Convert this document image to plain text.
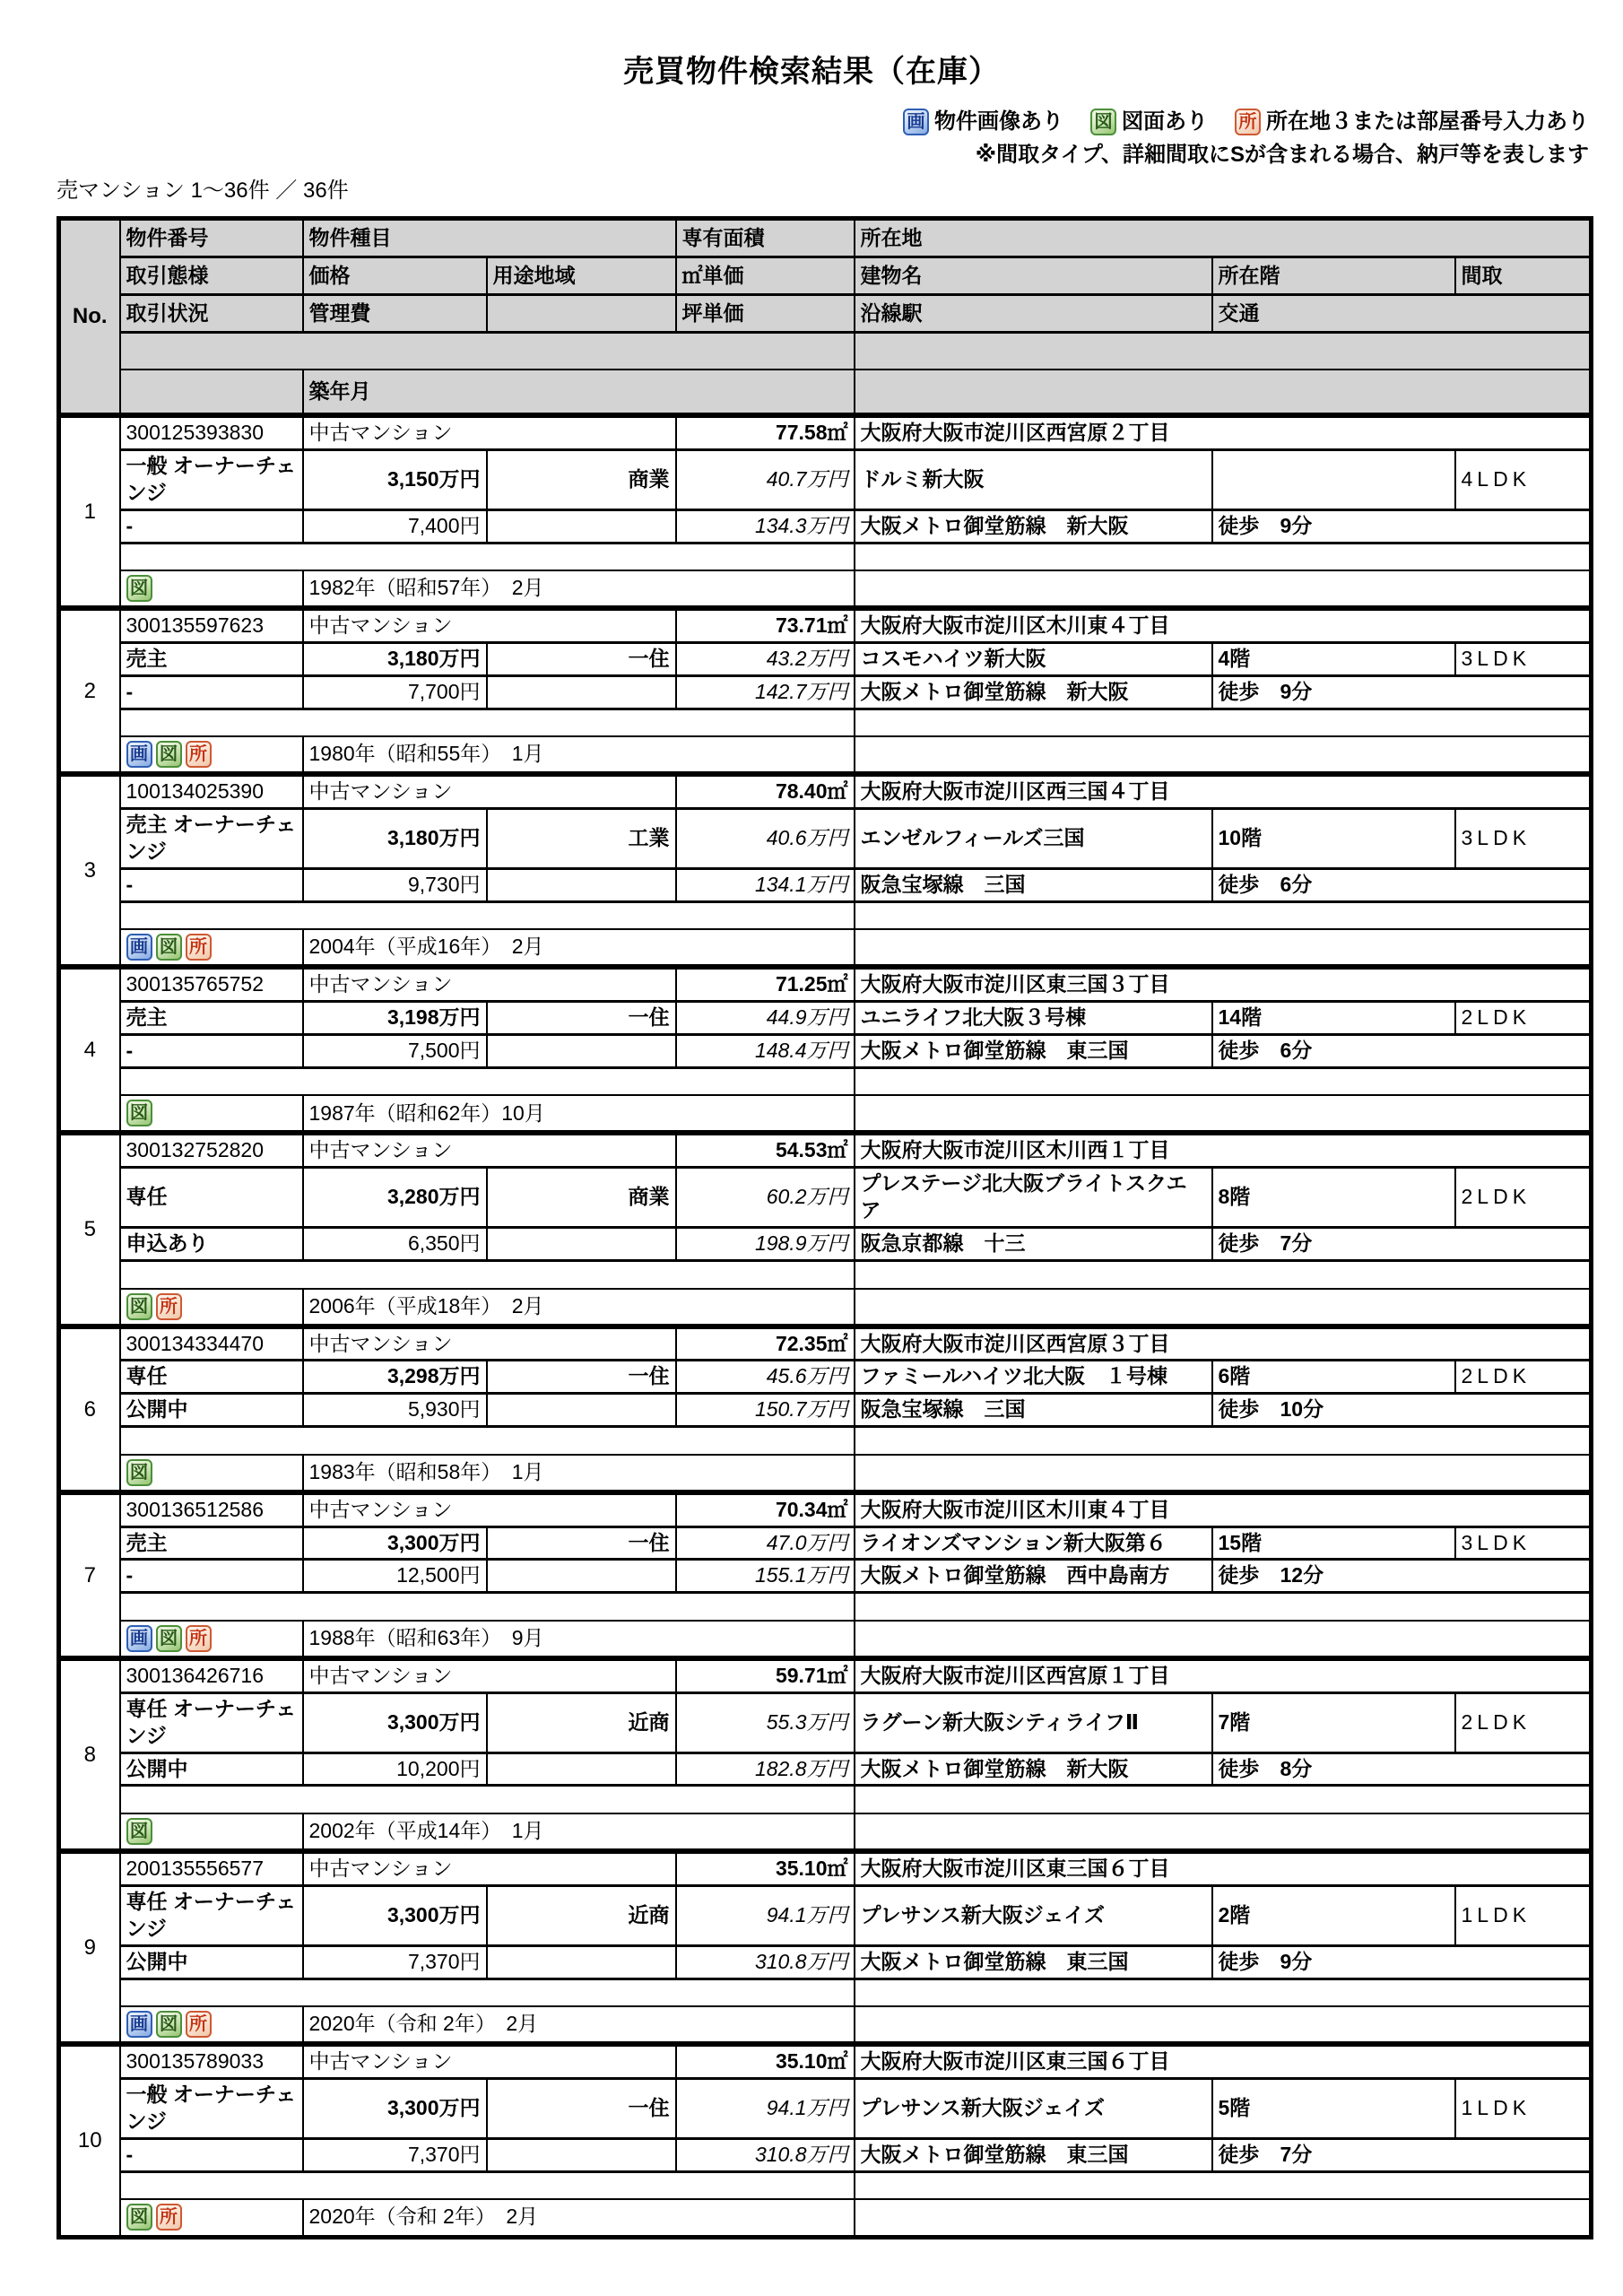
売買物件検索結果（在庫）
画 物件画像あり 図 図面あり 所 所在地３または部屋番号入力あり
※間取タイプ、詳細間取にSが含まれる場合、納戸等を表します
売マンション 1〜36件 ／ 36件
No.	物件番号	物件種目		専有面積	所在地		
	取引態様	価格	用途地域	㎡単価	建物名	所在階	間取
	取引状況	管理費		坪単価	沿線駅	交通	

		築年月					
1	300125393830	中古マンション		77.58㎡	大阪府大阪市淀川区西宮原２丁目		
	一般 オーナーチェンジ	3,150万円	商業	40.7万円	ドルミ新大阪		4LDK
	-	7,400円		134.3万円	大阪メトロ御堂筋線　新大阪	徒歩　9分	

図	1982年（昭和57年）　2月					
2	300135597623	中古マンション		73.71㎡	大阪府大阪市淀川区木川東４丁目		
	売主	3,180万円	一住	43.2万円	コスモハイツ新大阪	4階	3LDK
	-	7,700円		142.7万円	大阪メトロ御堂筋線　新大阪	徒歩　9分	

画 図 所	1980年（昭和55年）　1月					
3	100134025390	中古マンション		78.40㎡	大阪府大阪市淀川区西三国４丁目		
	売主 オーナーチェンジ	3,180万円	工業	40.6万円	エンゼルフィールズ三国	10階	3LDK
	-	9,730円		134.1万円	阪急宝塚線　三国	徒歩　6分	

画 図 所	2004年（平成16年）　2月					
4	300135765752	中古マンション		71.25㎡	大阪府大阪市淀川区東三国３丁目		
	売主	3,198万円	一住	44.9万円	ユニライフ北大阪３号棟	14階	2LDK
	-	7,500円		148.4万円	大阪メトロ御堂筋線　東三国	徒歩　6分	

図	1987年（昭和62年）10月					
5	300132752820	中古マンション		54.53㎡	大阪府大阪市淀川区木川西１丁目		
	専任	3,280万円	商業	60.2万円	プレステージ北大阪ブライトスクエア	8階	2LDK
	申込あり	6,350円		198.9万円	阪急京都線　十三	徒歩　7分	

図 所	2006年（平成18年）　2月					
6	300134334470	中古マンション		72.35㎡	大阪府大阪市淀川区西宮原３丁目		
	専任	3,298万円	一住	45.6万円	ファミールハイツ北大阪　１号棟	6階	2LDK
	公開中	5,930円		150.7万円	阪急宝塚線　三国	徒歩　10分	

図	1983年（昭和58年）　1月					
7	300136512586	中古マンション		70.34㎡	大阪府大阪市淀川区木川東４丁目		
	売主	3,300万円	一住	47.0万円	ライオンズマンション新大阪第６	15階	3LDK
	-	12,500円		155.1万円	大阪メトロ御堂筋線　西中島南方	徒歩　12分	

画 図 所	1988年（昭和63年）　9月					
8	300136426716	中古マンション		59.71㎡	大阪府大阪市淀川区西宮原１丁目		
	専任 オーナーチェンジ	3,300万円	近商	55.3万円	ラグーン新大阪シティライフⅡ	7階	2LDK
	公開中	10,200円		182.8万円	大阪メトロ御堂筋線　新大阪	徒歩　8分	

図	2002年（平成14年）　1月					
9	200135556577	中古マンション		35.10㎡	大阪府大阪市淀川区東三国６丁目		
	専任 オーナーチェンジ	3,300万円	近商	94.1万円	プレサンス新大阪ジェイズ	2階	1LDK
	公開中	7,370円		310.8万円	大阪メトロ御堂筋線　東三国	徒歩　9分	

画 図 所	2020年（令和 2年）　2月					
10	300135789033	中古マンション		35.10㎡	大阪府大阪市淀川区東三国６丁目		
	一般 オーナーチェンジ	3,300万円	一住	94.1万円	プレサンス新大阪ジェイズ	5階	1LDK
	-	7,370円		310.8万円	大阪メトロ御堂筋線　東三国	徒歩　7分	

図 所	2020年（令和 2年）　2月					
